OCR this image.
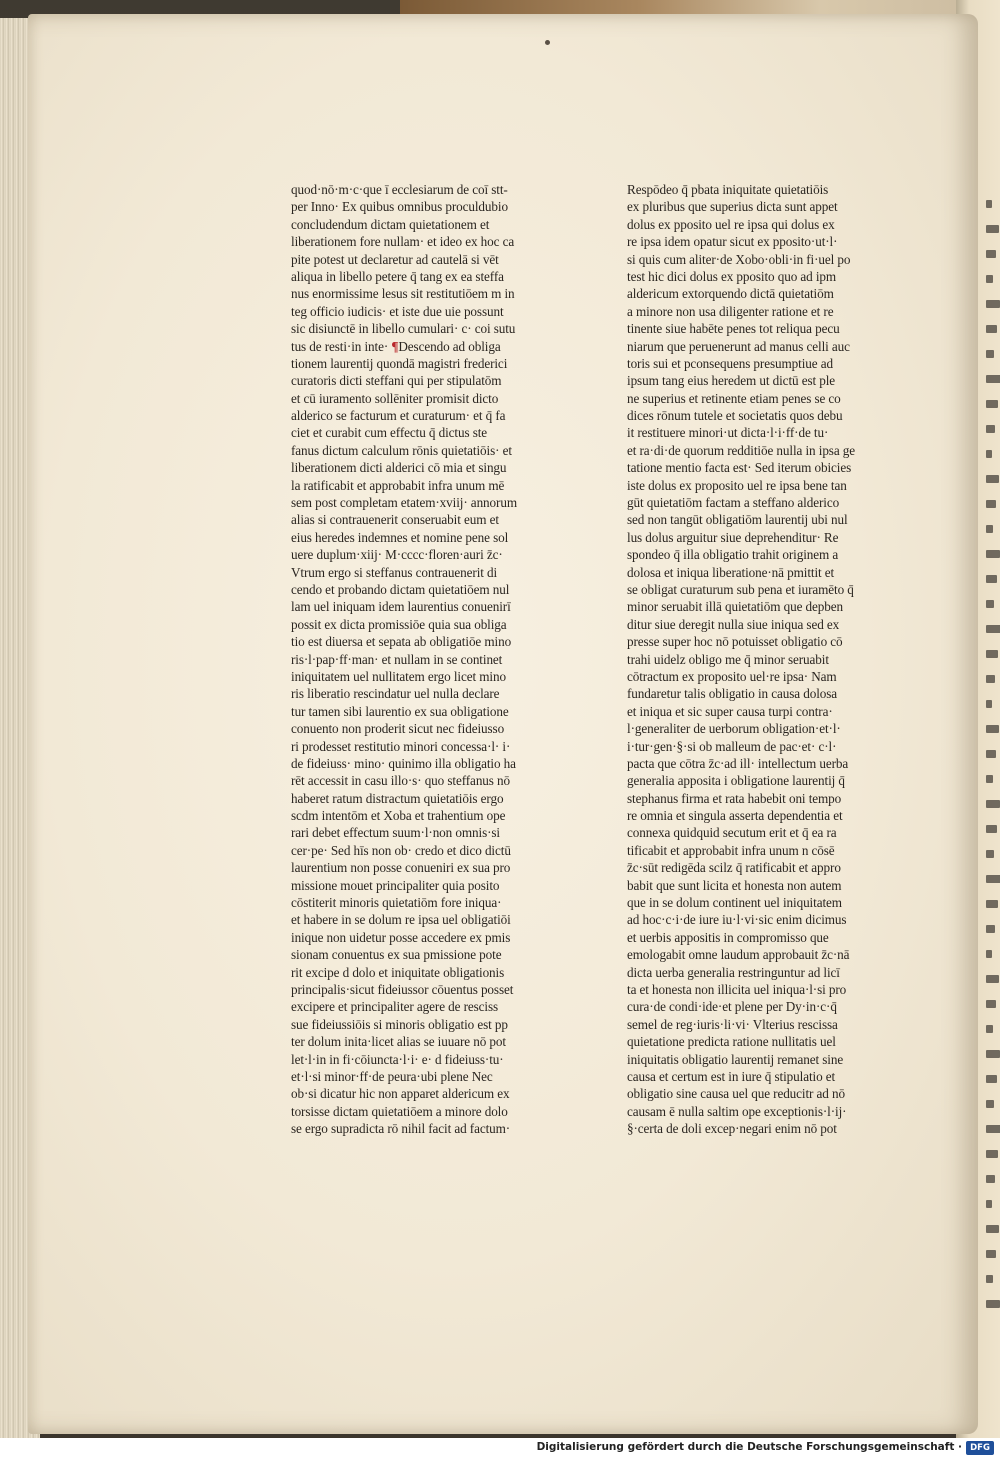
quod·nō·m·c·que ī ecclesiarum de coī stt-
per Inno· Ex quibus omnibus proculdubio
concludendum dictam quietationem et
liberationem fore nullam· et ideo ex hoc ca
pite potest ut declaretur ad cautelā si vēt
aliqua in libello petere q̄ tang ex ea steffa
nus enormissime lesus sit restitutiōem m in
teg officio iudicis· et iste due uie possunt
sic disiunctē in libello cumulari· c· coi sutu
tus de resti·in inte· ¶Descendo ad obliga
tionem laurentij quondā magistri frederici
curatoris dicti steffani qui per stipulatōm
et cū iuramento sollēniter promisit dicto
alderico se facturum et curaturum· et q̄ fa
ciet et curabit cum effectu q̄ dictus ste
fanus dictum calculum rōnis quietatiōis· et
liberationem dicti alderici cō mia et singu
la ratificabit et approbabit infra unum mē
sem post completam etatem·xviij· annorum
alias si contrauenerit conseruabit eum et
eius heredes indemnes et nomine pene sol
uere duplum·xiij· M·cccc·floren·auri z̄c·
Vtrum ergo si steffanus contrauenerit di
cendo et probando dictam quietatiōem nul
lam uel iniquam idem laurentius conuenirī
possit ex dicta promissiōe quia sua obliga
tio est diuersa et sepata ab obligatiōe mino
ris·l·pap·ff·man· et nullam in se continet
iniquitatem uel nullitatem ergo licet mino
ris liberatio rescindatur uel nulla declare
tur tamen sibi laurentio ex sua obligatione
conuento non proderit sicut nec fideiusso
ri prodesset restitutio minori concessa·l· i·
de fideiuss· mino· quinimo illa obligatio ha
rēt accessit in casu illo·s· quo steffanus nō
haberet ratum distractum quietatiōis ergo
scdm intentōm et Xoba et trahentium ope
rari debet effectum suum·l·non omnis·si
cer·pe· Sed hīs non ob· credo et dico dictū
laurentium non posse conueniri ex sua pro
missione mouet principaliter quia posito
cōstiterit minoris quietatiōm fore iniqua·
et habere in se dolum re ipsa uel obligatiōi
inique non uidetur posse accedere ex pmis
sionam conuentus ex sua pmissione pote
rit excipe d dolo et iniquitate obligationis
principalis·sicut fideiussor cōuentus posset
excipere et principaliter agere de resciss
sue fideiussiōis si minoris obligatio est pp
ter dolum inita·licet alias se iuuare nō pot
let·l·in in fi·cōiuncta·l·i· e· d fideiuss·tu·
et·l·si minor·ff·de peura·ubi plene Nec
ob·si dicatur hic non apparet aldericum ex
torsisse dictam quietatiōem a minore dolo
se ergo supradicta rō nihil facit ad factum·
Respōdeo q̄ pbata iniquitate quietatiōis
ex pluribus que superius dicta sunt appet
dolus ex pposito uel re ipsa qui dolus ex
re ipsa idem opatur sicut ex pposito·ut·l·
si quis cum aliter·de Xobo·obli·in fi·uel po
test hic dici dolus ex pposito quo ad ipm
aldericum extorquendo dictā quietatiōm
a minore non usa diligenter ratione et re
tinente siue habēte penes tot reliqua pecu
niarum que peruenerunt ad manus celli auc
toris sui et pconsequens presumptiue ad
ipsum tang eius heredem ut dictū est ple
ne superius et retinente etiam penes se co
dices rōnum tutele et societatis quos debu
it restituere minori·ut dicta·l·i·ff·de tu·
et ra·di·de quorum redditiōe nulla in ipsa ge
tatione mentio facta est· Sed iterum obicies
iste dolus ex proposito uel re ipsa bene tan
gūt quietatiōm factam a steffano alderico
sed non tangūt obligatiōm laurentij ubi nul
lus dolus arguitur siue deprehenditur· Re
spondeo q̄ illa obligatio trahit originem a
dolosa et iniqua liberatione·nā pmittit et
se obligat curaturum sub pena et iuramēto q̄
minor seruabit illā quietatiōm que depben
ditur siue deregit nulla siue iniqua sed ex
presse super hoc nō potuisset obligatio cō
trahi uidelz obligo me q̄ minor seruabit
cōtractum ex proposito uel·re ipsa· Nam
fundaretur talis obligatio in causa dolosa
et iniqua et sic super causa turpi contra·
l·generaliter de uerborum obligation·et·l·
i·tur·gen·§·si ob malleum de pac·et· c·l·
pacta que cōtra z̄c·ad ill· intellectum uerba
generalia apposita i obligatione laurentij q̄
stephanus firma et rata habebit oni tempo
re omnia et singula asserta dependentia et
connexa quidquid secutum erit et q̄ ea ra
tificabit et approbabit infra unum n cōsē
z̄c·sūt redigēda scilz q̄ ratificabit et appro
babit que sunt licita et honesta non autem
que in se dolum continent uel iniquitatem
ad hoc·c·i·de iure iu·l·vi·sic enim dicimus
et uerbis appositis in compromisso que
emologabit omne laudum approbauit z̄c·nā
dicta uerba generalia restringuntur ad licī
ta et honesta non illicita uel iniqua·l·si pro
cura·de condi·ide·et plene per Dy·in·c·q̄
semel de reg·iuris·li·vi· Vlterius rescissa
quietatione predicta ratione nullitatis uel
iniquitatis obligatio laurentij remanet sine
causa et certum est in iure q̄ stipulatio et
obligatio sine causa uel que reducitr ad nō
causam ē nulla saltim ope exceptionis·l·ij·
§·certa de doli excep·negari enim nō pot
Digitalisierung gefördert durch die Deutsche Forschungsgemeinschaft · DFG
